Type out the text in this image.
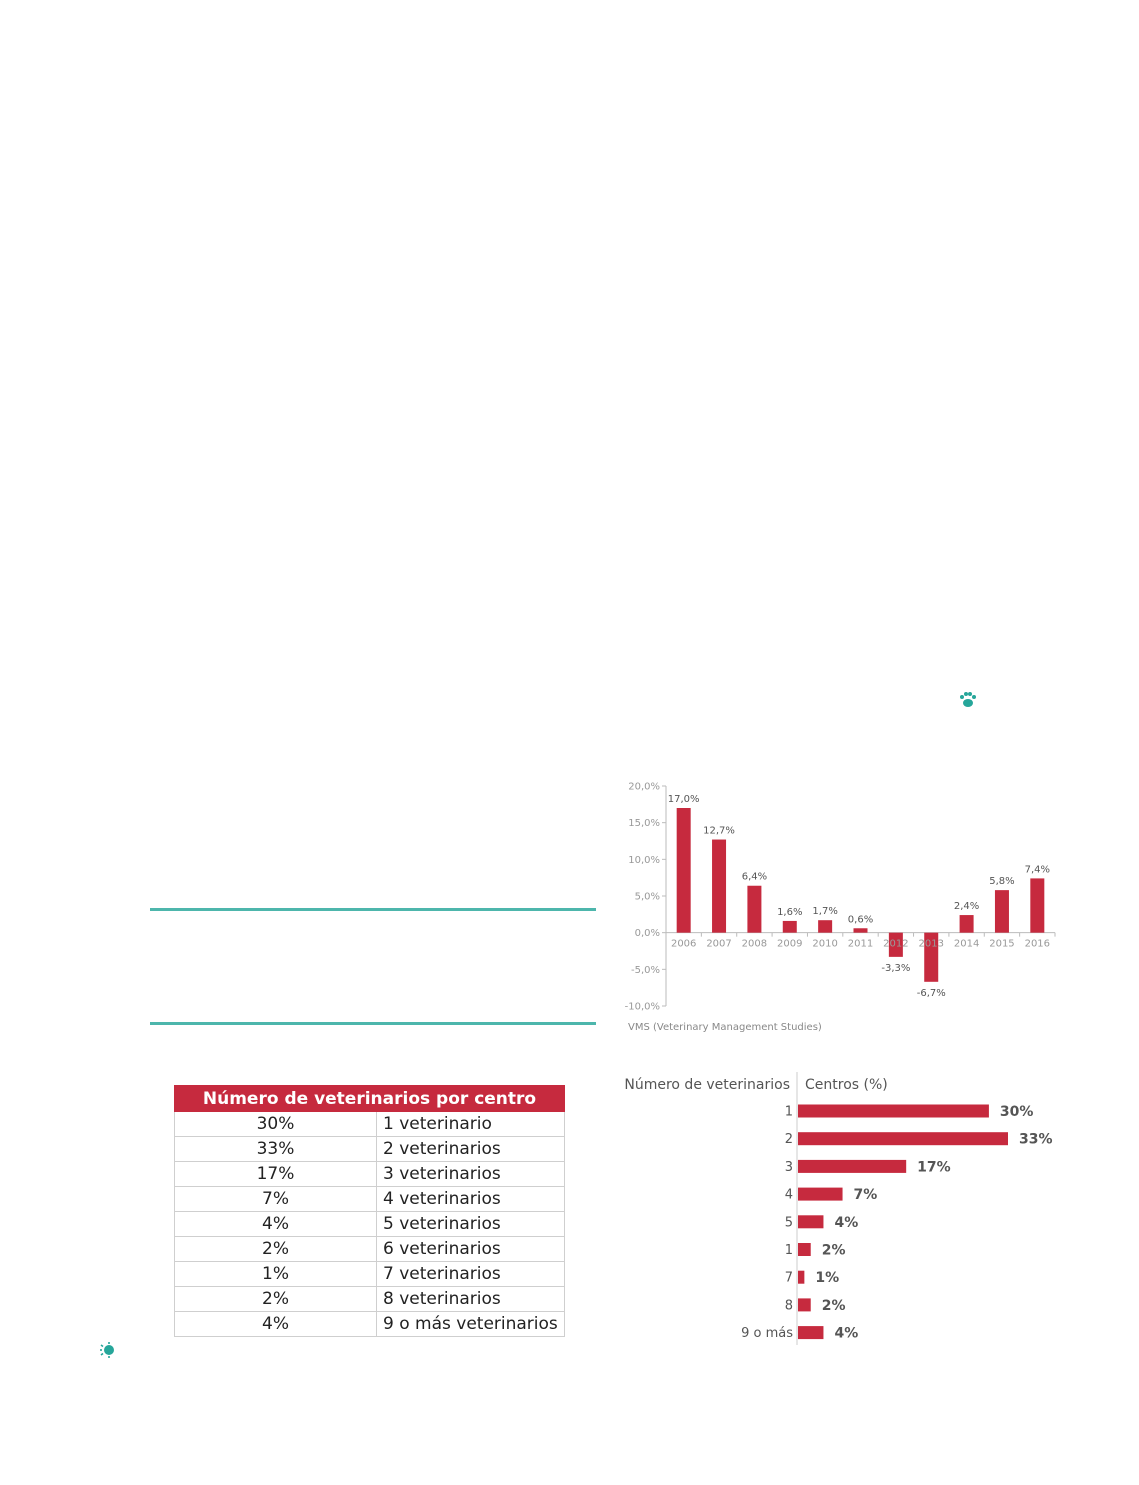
20,0%
15,0%
10,0%
5,0%
0,0%
-5,0%
-10,0%
2006
17,0%
2007
12,7%
2008
6,4%
2009
1,6%
2010
1,7%
2011
0,6%
2012
-3,3%
2013
-6,7%
2014
2,4%
2015
5,8%
2016
7,4%
VMS (Veterinary Management Studies)
Número de veterinarios por centro	
30%	1 veterinario
33%	2 veterinarios
17%	3 veterinarios
7%	4 veterinarios
4%	5 veterinarios
2%	6 veterinarios
1%	7 veterinarios
2%	8 veterinarios
4%	9 o más veterinarios
Número de veterinarios Centros (%)
1	30%
2	33%
3	17%
4	7%
5	4%
1 2%
7 1%
8 2%
9 o más	4%
